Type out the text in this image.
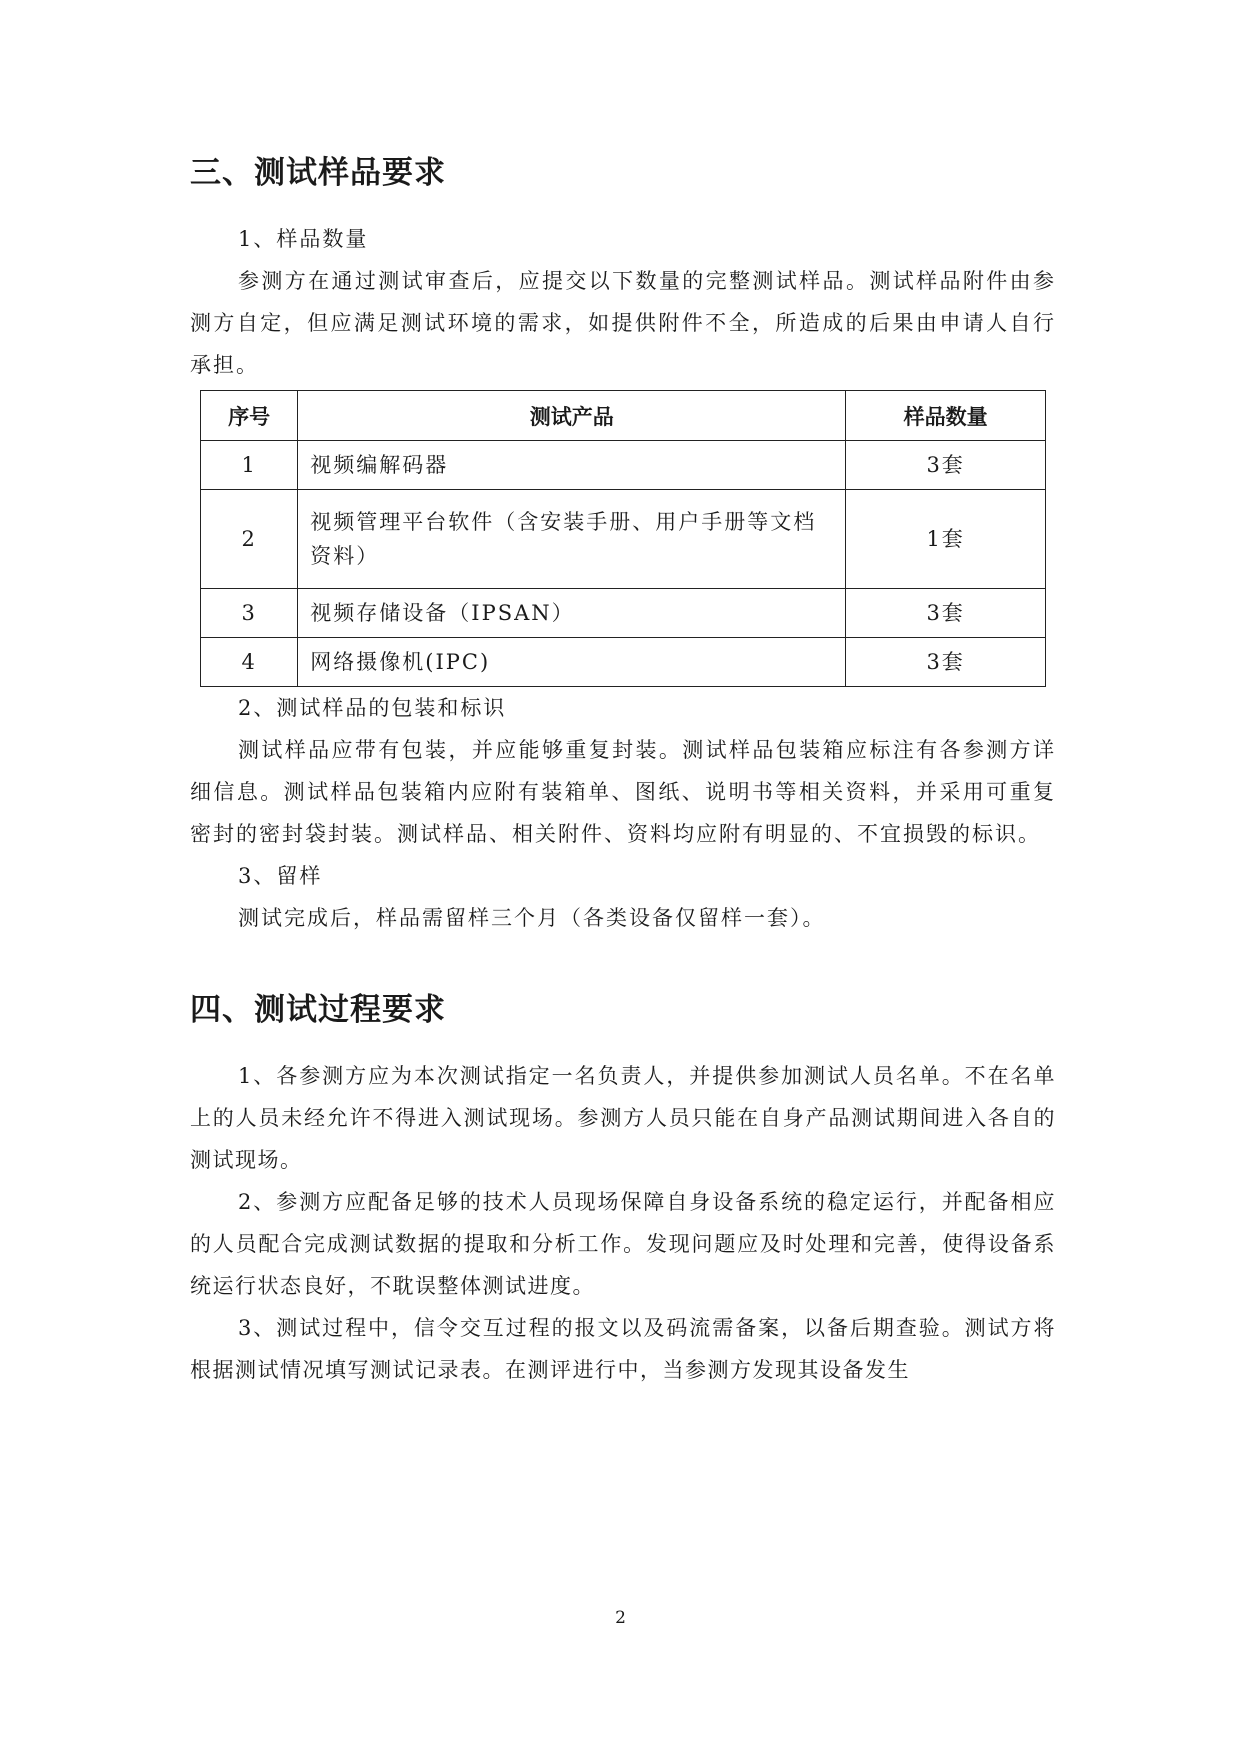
三、测试样品要求

1、样品数量

参测方在通过测试审查后，应提交以下数量的完整测试样品。测试样品附件由参测方自定，但应满足测试环境的需求，如提供附件不全，所造成的后果由申请人自行承担。

序号	测试产品	样品数量
1	视频编解码器	3套
2	视频管理平台软件（含安装手册、用户手册等文档资料）	1套
3	视频存储设备（IPSAN）	3套
4	网络摄像机(IPC)	3套

2、测试样品的包装和标识

测试样品应带有包装，并应能够重复封装。测试样品包装箱应标注有各参测方详细信息。测试样品包装箱内应附有装箱单、图纸、说明书等相关资料，并采用可重复密封的密封袋封装。测试样品、相关附件、资料均应附有明显的、不宜损毁的标识。

3、留样

测试完成后，样品需留样三个月（各类设备仅留样一套）。

四、测试过程要求

1、各参测方应为本次测试指定一名负责人，并提供参加测试人员名单。不在名单上的人员未经允许不得进入测试现场。参测方人员只能在自身产品测试期间进入各自的测试现场。

2、参测方应配备足够的技术人员现场保障自身设备系统的稳定运行，并配备相应的人员配合完成测试数据的提取和分析工作。发现问题应及时处理和完善，使得设备系统运行状态良好，不耽误整体测试进度。

3、测试过程中，信令交互过程的报文以及码流需备案，以备后期查验。测试方将根据测试情况填写测试记录表。在测评进行中，当参测方发现其设备发生

2
